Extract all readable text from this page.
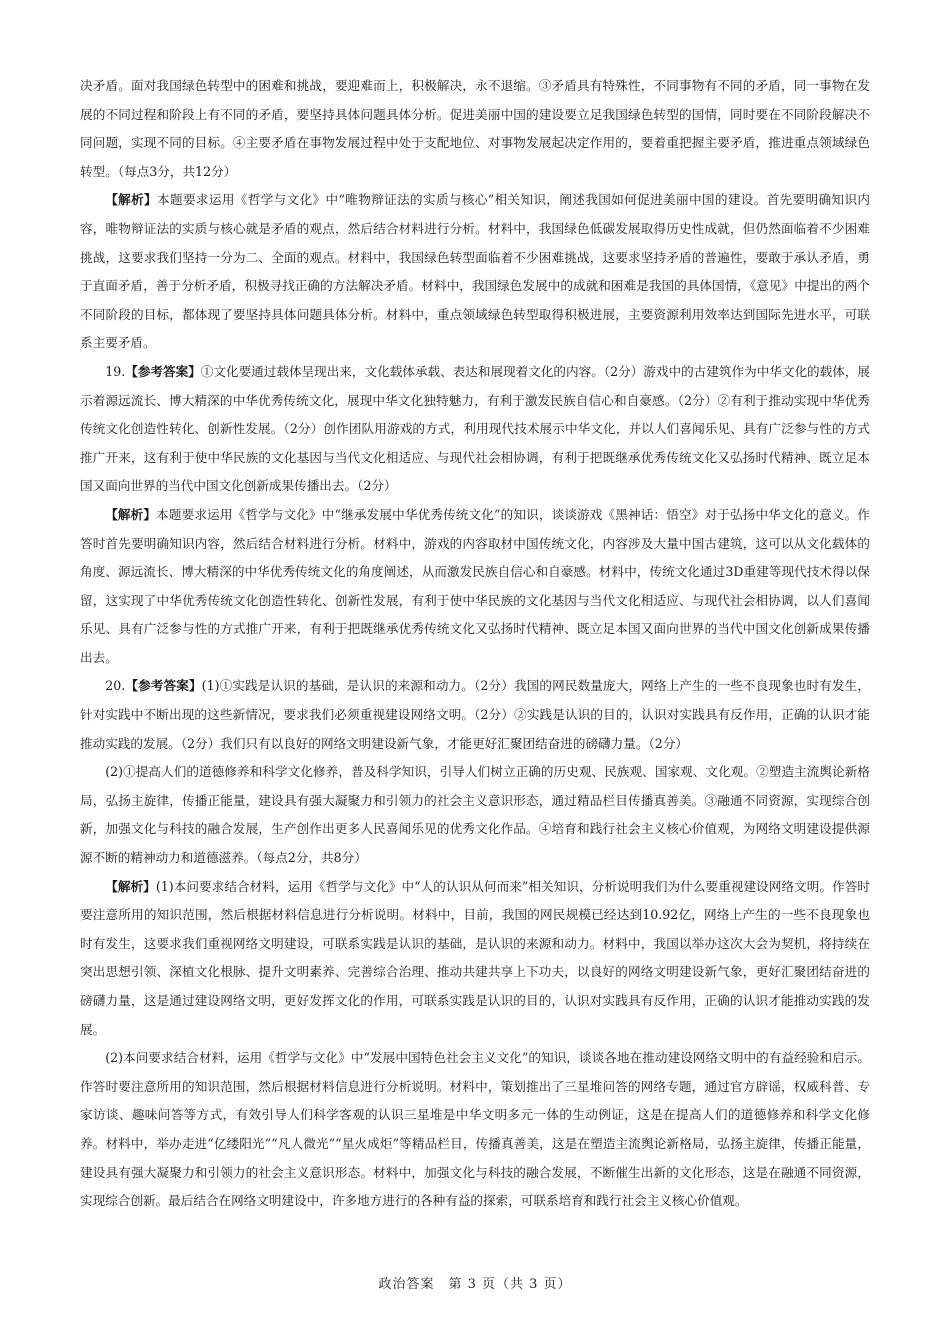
决矛盾。面对我国绿色转型中的困难和挑战，要迎难而上，积极解决，永不退缩。③矛盾具有特殊性，不同事物有不同的矛盾，同一事物在发展的不同过程和阶段上有不同的矛盾，要坚持具体问题具体分析。促进美丽中国的建设要立足我国绿色转型的国情，同时要在不同阶段解决不同问题，实现不同的目标。④主要矛盾在事物发展过程中处于支配地位、对事物发展起决定作用的，要着重把握主要矛盾，推进重点领域绿色转型。（每点3分，共12分）

【解析】本题要求运用《哲学与文化》中“唯物辩证法的实质与核心”相关知识，阐述我国如何促进美丽中国的建设。首先要明确知识内容，唯物辩证法的实质与核心就是矛盾的观点，然后结合材料进行分析。材料中，我国绿色低碳发展取得历史性成就，但仍然面临着不少困难挑战，这要求我们坚持一分为二、全面的观点。材料中，我国绿色转型面临着不少困难挑战，这要求坚持矛盾的普遍性，要敢于承认矛盾，勇于直面矛盾，善于分析矛盾，积极寻找正确的方法解决矛盾。材料中，我国绿色发展中的成就和困难是我国的具体国情，《意见》中提出的两个不同阶段的目标，都体现了要坚持具体问题具体分析。材料中，重点领域绿色转型取得积极进展，主要资源利用效率达到国际先进水平，可联系主要矛盾。

19.【参考答案】①文化要通过载体呈现出来，文化载体承载、表达和展现着文化的内容。（2分）游戏中的古建筑作为中华文化的载体，展示着源远流长、博大精深的中华优秀传统文化，展现中华文化独特魅力，有利于激发民族自信心和自豪感。（2分）②有利于推动实现中华优秀传统文化创造性转化、创新性发展。（2分）创作团队用游戏的方式，利用现代技术展示中华文化，并以人们喜闻乐见、具有广泛参与性的方式推广开来，这有利于使中华民族的文化基因与当代文化相适应、与现代社会相协调，有利于把既继承优秀传统文化又弘扬时代精神、既立足本国又面向世界的当代中国文化创新成果传播出去。（2分）

【解析】本题要求运用《哲学与文化》中“继承发展中华优秀传统文化”的知识，谈谈游戏《黑神话：悟空》对于弘扬中华文化的意义。作答时首先要明确知识内容，然后结合材料进行分析。材料中，游戏的内容取材中国传统文化，内容涉及大量中国古建筑，这可以从文化载体的角度、源远流长、博大精深的中华优秀传统文化的角度阐述，从而激发民族自信心和自豪感。材料中，传统文化通过3D重建等现代技术得以保留，这实现了中华优秀传统文化创造性转化、创新性发展，有利于使中华民族的文化基因与当代文化相适应、与现代社会相协调，以人们喜闻乐见、具有广泛参与性的方式推广开来，有利于把既继承优秀传统文化又弘扬时代精神、既立足本国又面向世界的当代中国文化创新成果传播出去。

20.【参考答案】(1)①实践是认识的基础，是认识的来源和动力。（2分）我国的网民数量庞大，网络上产生的一些不良现象也时有发生，针对实践中不断出现的这些新情况，要求我们必须重视建设网络文明。（2分）②实践是认识的目的，认识对实践具有反作用，正确的认识才能推动实践的发展。（2分）我们只有以良好的网络文明建设新气象，才能更好汇聚团结奋进的磅礴力量。（2分）

(2)①提高人们的道德修养和科学文化修养，普及科学知识，引导人们树立正确的历史观、民族观、国家观、文化观。②塑造主流舆论新格局，弘扬主旋律，传播正能量，建设具有强大凝聚力和引领力的社会主义意识形态，通过精品栏目传播真善美。③融通不同资源，实现综合创新，加强文化与科技的融合发展，生产创作出更多人民喜闻乐见的优秀文化作品。④培育和践行社会主义核心价值观，为网络文明建设提供源源不断的精神动力和道德滋养。（每点2分，共8分）

【解析】(1)本问要求结合材料，运用《哲学与文化》中“人的认识从何而来”相关知识，分析说明我们为什么要重视建设网络文明。作答时要注意所用的知识范围，然后根据材料信息进行分析说明。材料中，目前，我国的网民规模已经达到10.92亿，网络上产生的一些不良现象也时有发生，这要求我们重视网络文明建设，可联系实践是认识的基础，是认识的来源和动力。材料中，我国以举办这次大会为契机，将持续在突出思想引领、深植文化根脉、提升文明素养、完善综合治理、推动共建共享上下功夫，以良好的网络文明建设新气象，更好汇聚团结奋进的磅礴力量，这是通过建设网络文明，更好发挥文化的作用，可联系实践是认识的目的，认识对实践具有反作用，正确的认识才能推动实践的发展。

(2)本问要求结合材料，运用《哲学与文化》中“发展中国特色社会主义文化”的知识，谈谈各地在推动建设网络文明中的有益经验和启示。作答时要注意所用的知识范围，然后根据材料信息进行分析说明。材料中，策划推出了三星堆问答的网络专题，通过官方辟谣，权威科普、专家访谈、趣味问答等方式，有效引导人们科学客观的认识三星堆是中华文明多元一体的生动例证，这是在提高人们的道德修养和科学文化修养。材料中，举办走进“亿缕阳光”“凡人微光”“星火成炬”等精品栏目，传播真善美，这是在塑造主流舆论新格局，弘扬主旋律，传播正能量，建设具有强大凝聚力和引领力的社会主义意识形态。材料中，加强文化与科技的融合发展，不断催生出新的文化形态，这是在融通不同资源，实现综合创新。最后结合在网络文明建设中，许多地方进行的各种有益的探索，可联系培育和践行社会主义核心价值观。

政治答案　第 3 页（共 3 页）
